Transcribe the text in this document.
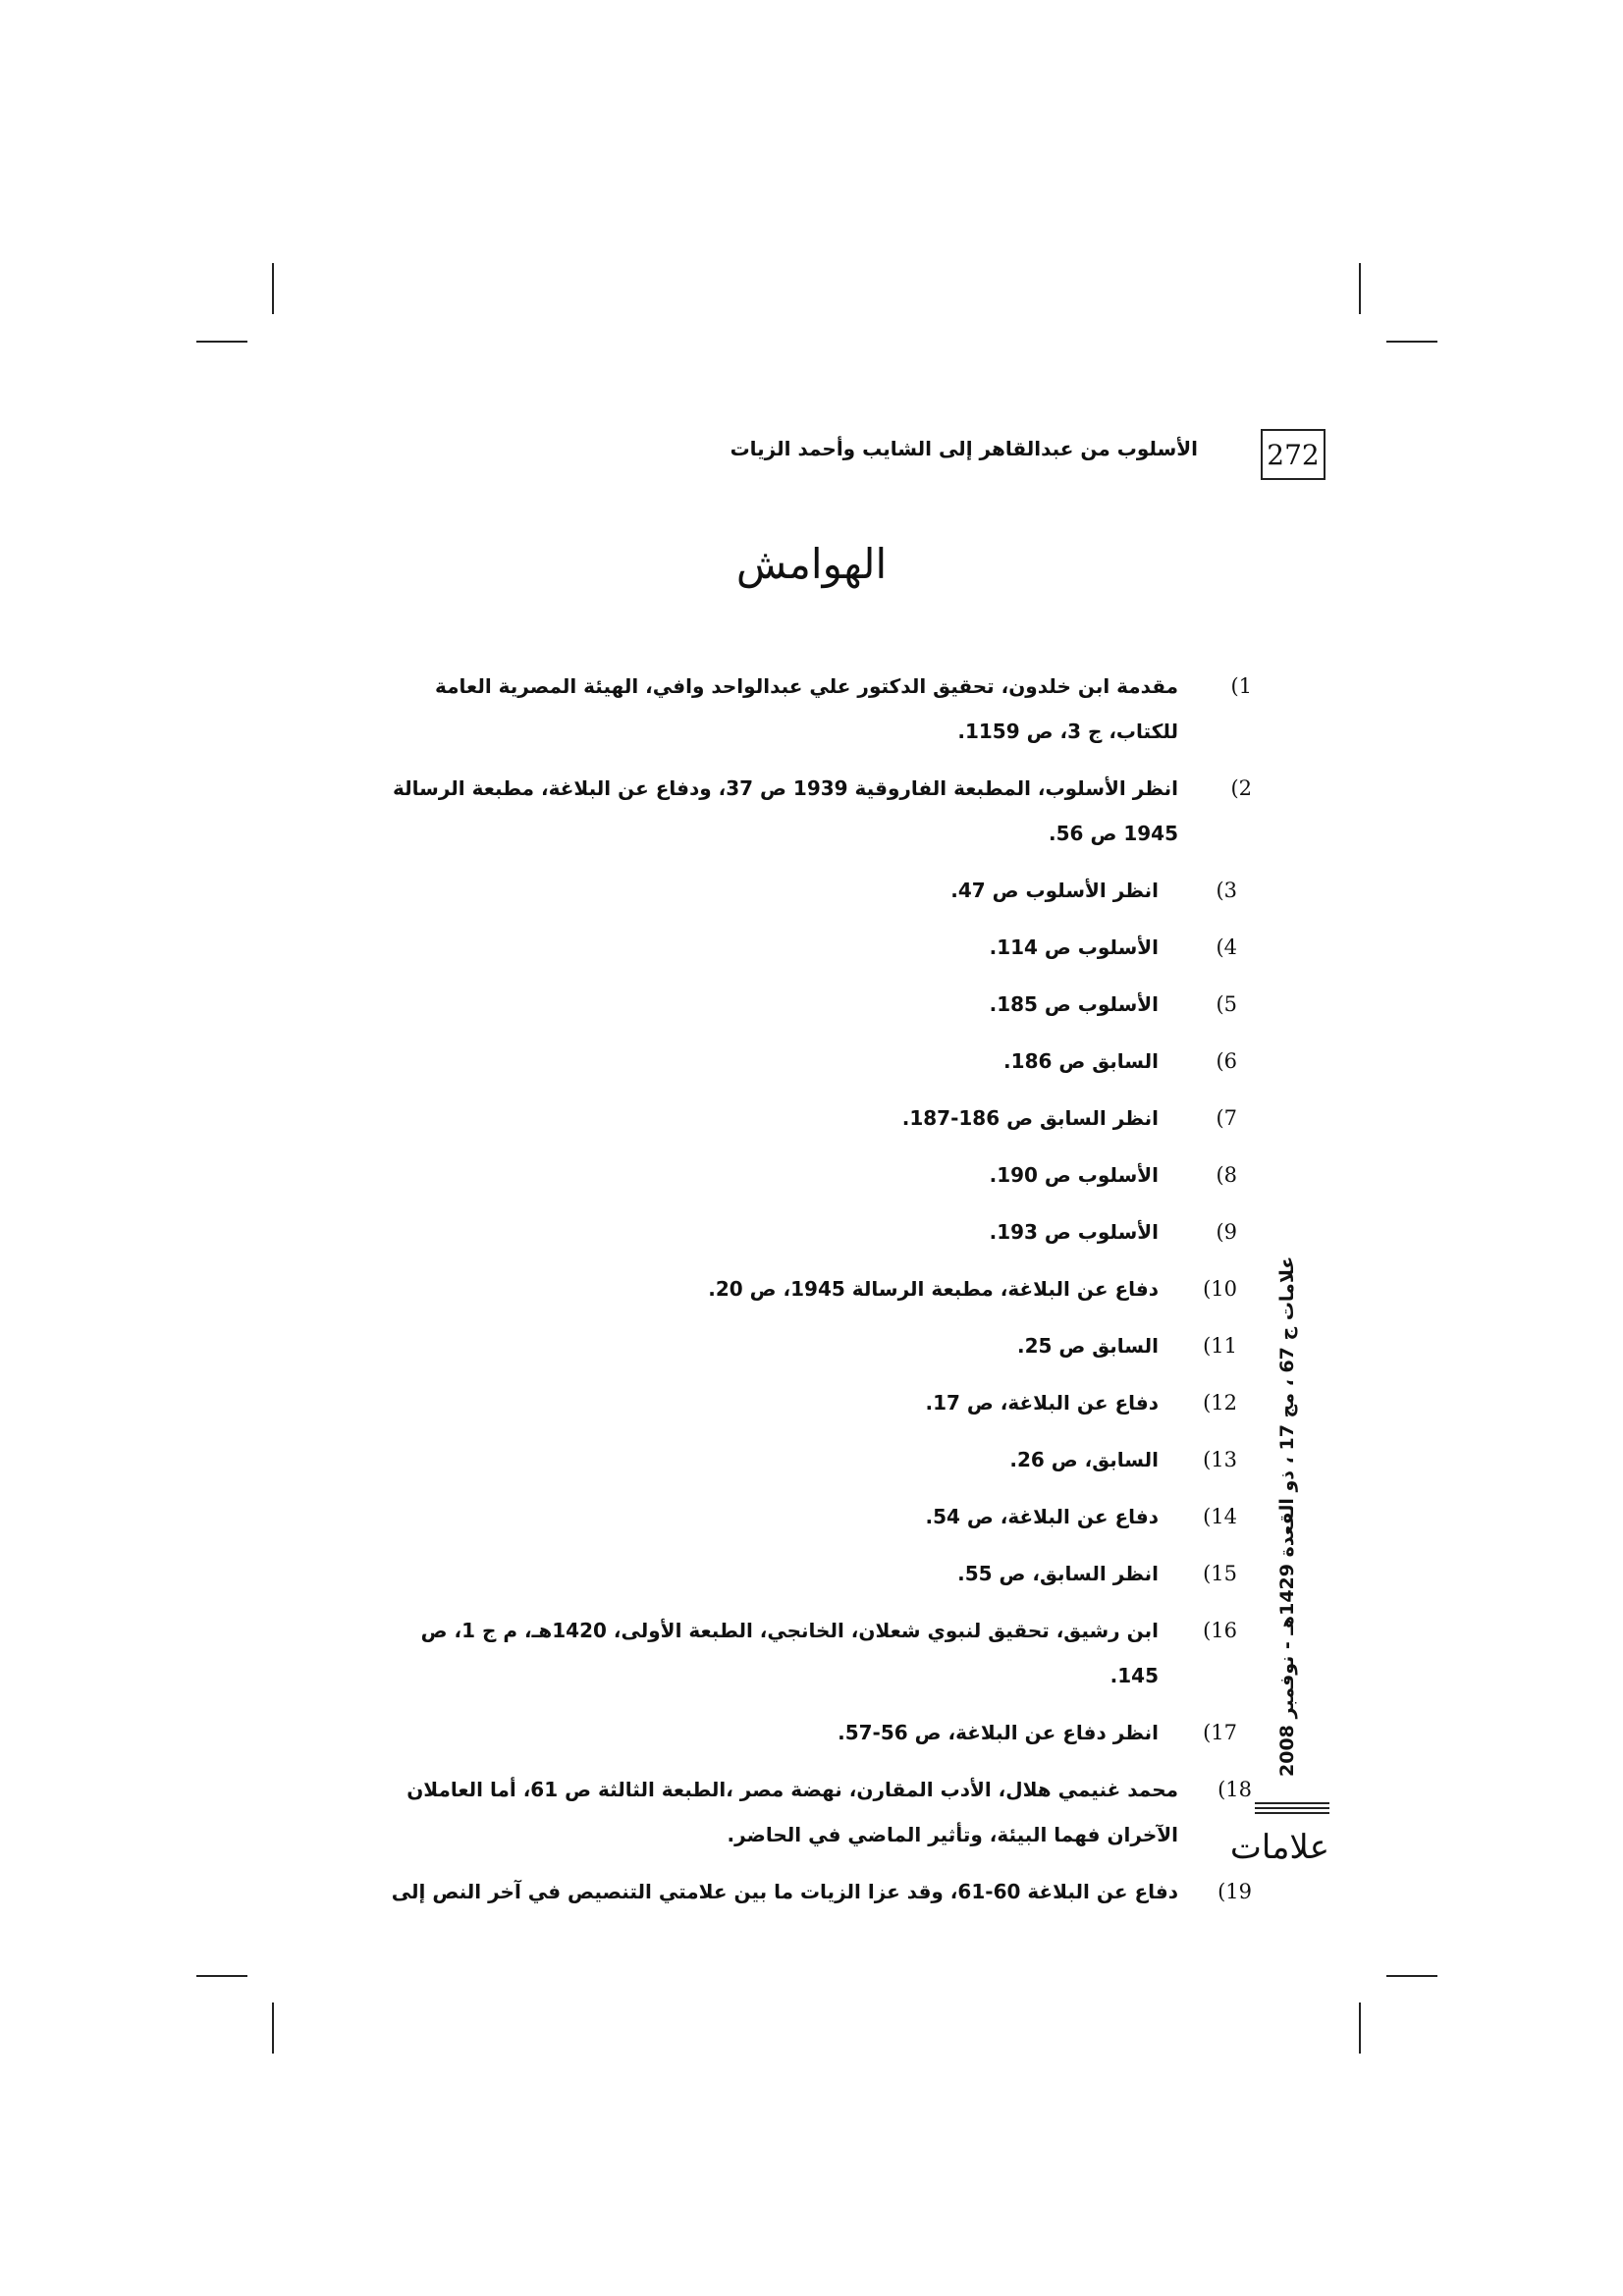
272
الأسلوب من عبدالقاهر إلى الشايب وأحمد الزيات
الهوامش
(1
مقدمة ابن خلدون، تحقيق الدكتور علي عبدالواحد وافي، الهيئة المصرية العامة للكتاب، ج 3، ص 1159.
(2
انظر الأسلوب، المطبعة الفاروقية 1939 ص 37، ودفاع عن البلاغة، مطبعة الرسالة 1945 ص 56.
(3
انظر الأسلوب ص 47.
(4
الأسلوب ص 114.
(5
الأسلوب ص 185.
(6
السابق ص 186.
(7
انظر السابق ص 186-187.
(8
الأسلوب ص 190.
(9
الأسلوب ص 193.
(10
دفاع عن البلاغة، مطبعة الرسالة 1945، ص 20.
(11
السابق ص 25.
(12
دفاع عن البلاغة، ص 17.
(13
السابق، ص 26.
(14
دفاع عن البلاغة، ص 54.
(15
انظر السابق، ص 55.
(16
ابن رشيق، تحقيق لنبوي شعلان، الخانجي، الطبعة الأولى، 1420هـ، م ج 1، ص 145.
(17
انظر دفاع عن البلاغة، ص 56-57.
(18
محمد غنيمي هلال، الأدب المقارن، نهضة مصر ،الطبعة الثالثة ص 61، أما العاملان الآخران فهما البيئة، وتأثير الماضي في الحاضر.
(19
دفاع عن البلاغة 60-61، وقد عزا الزيات ما بين علامتي التنصيص في آخر النص إلى
علامات ج 67 ، مج 17 ، ذو القعدة 1429هـ - نوفمبر 2008
علامات
